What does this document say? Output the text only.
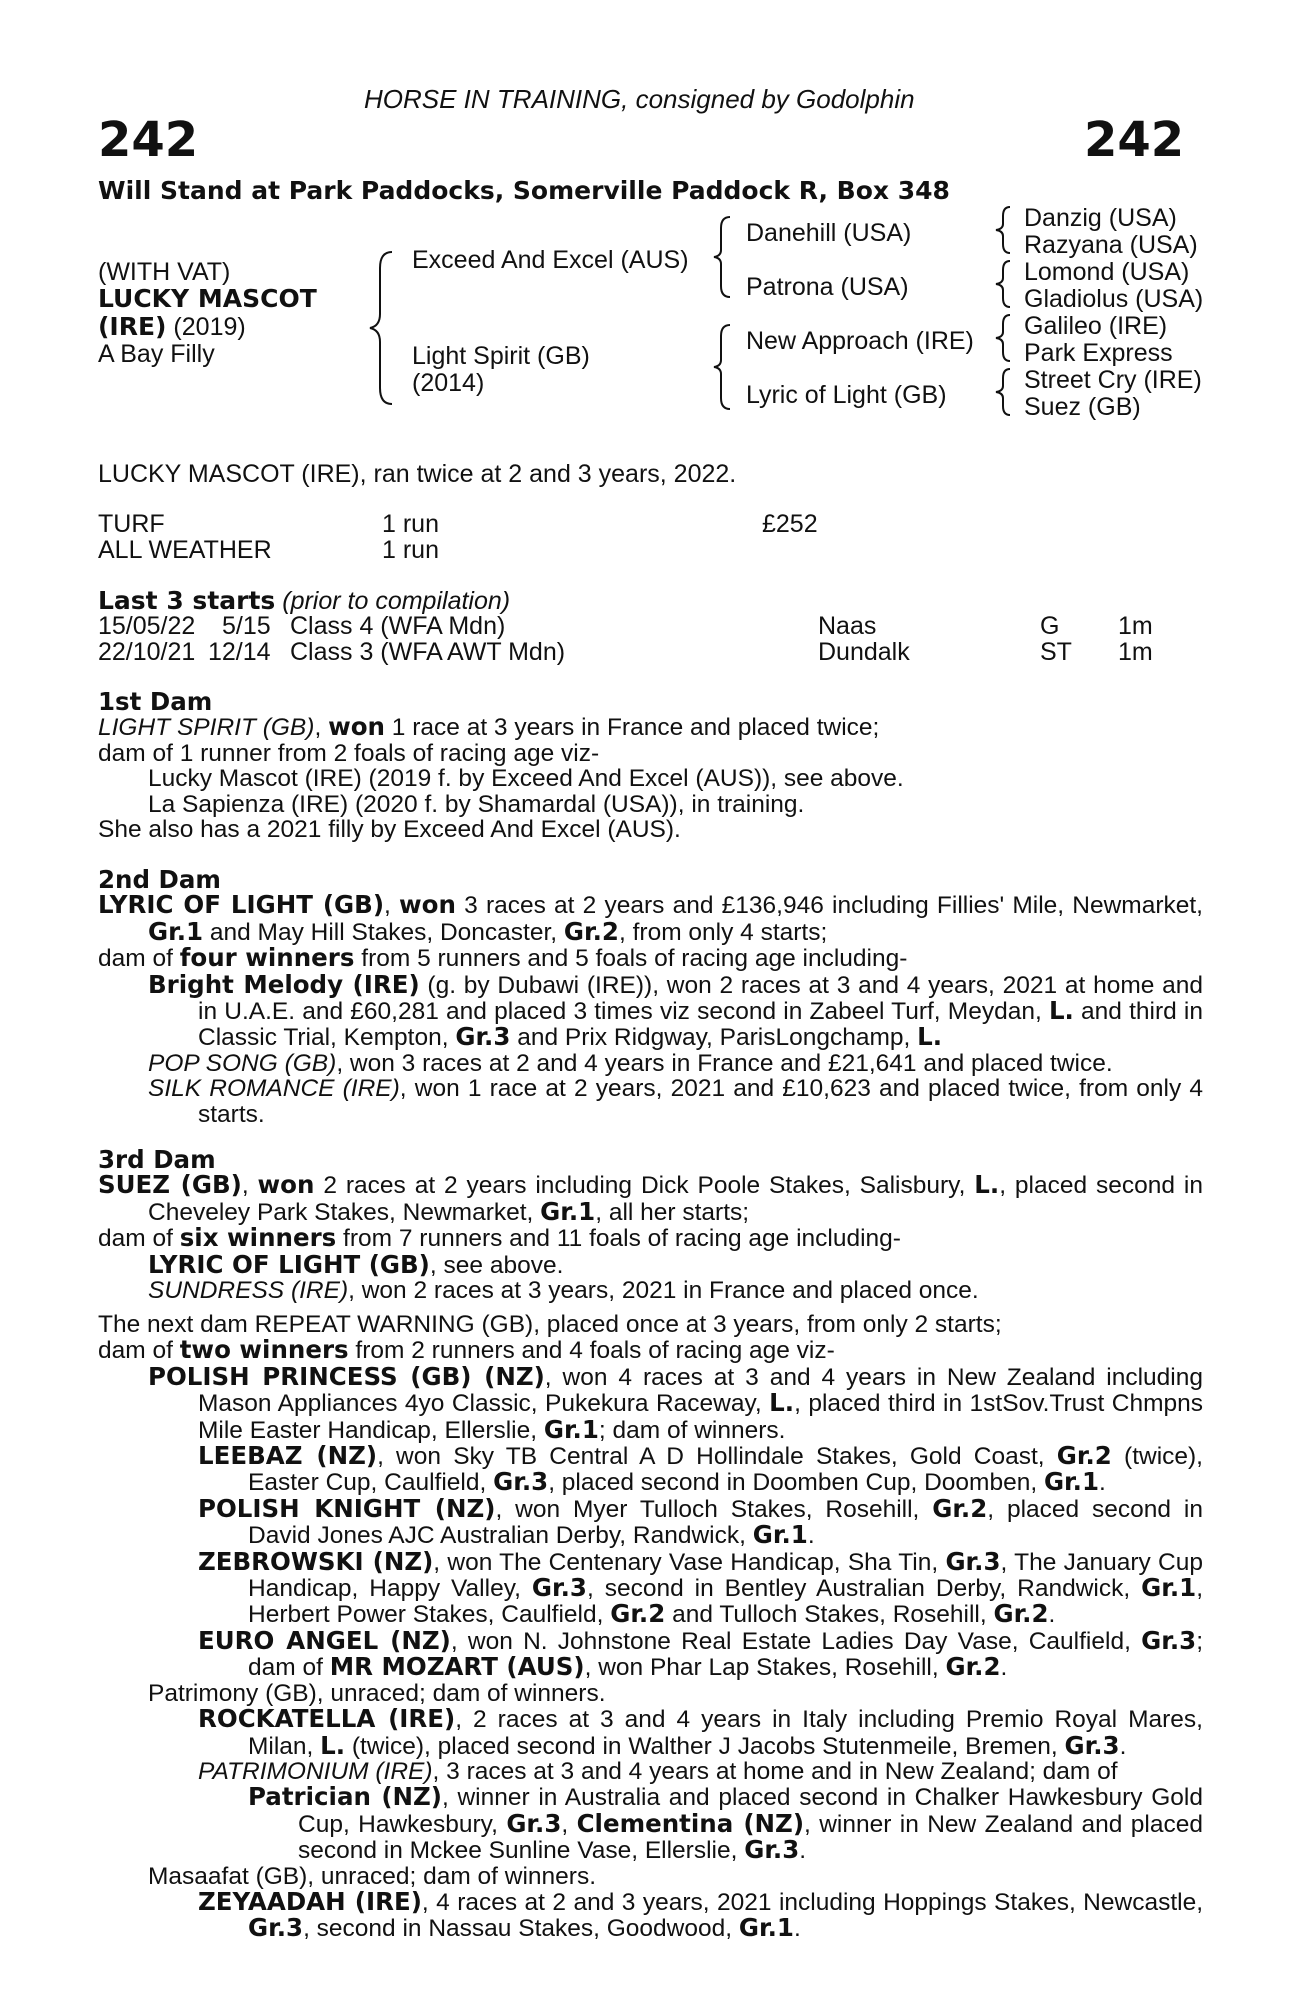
HORSE IN TRAINING, consigned by Godolphin
242	242
Will Stand at Park Paddocks, Somerville Paddock R, Box 348
(WITH VAT)
LUCKY MASCOT
(IRE) (2019)
A Bay Filly
Exceed And Excel (AUS)
Light Spirit (GB)
(2014)
Danehill (USA)
Patrona (USA)
New Approach (IRE)
Lyric of Light (GB)
Danzig (USA)
Razyana (USA)
Lomond (USA)
Gladiolus (USA)
Galileo (IRE)
Park Express
Street Cry (IRE)
Suez (GB)
LUCKY MASCOT (IRE), ran twice at 2 and 3 years, 2022.
TURF	1 run	£252
ALL WEATHER	1 run
Last 3 starts (prior to compilation)
15/05/22 5/15 Class 4 (WFA Mdn)	Naas	G 1m
22/10/21 12/14 Class 3 (WFA AWT Mdn)	Dundalk	ST 1m

1st Dam

LIGHT SPIRIT (GB), won 1 race at 3 years in France and placed twice;

dam of 1 runner from 2 foals of racing age viz-

Lucky Mascot (IRE) (2019 f. by Exceed And Excel (AUS)), see above.

La Sapienza (IRE) (2020 f. by Shamardal (USA)), in training.

She also has a 2021 filly by Exceed And Excel (AUS).

2nd Dam

LYRIC OF LIGHT (GB), won 3 races at 2 years and £136,946 including Fillies' Mile, Newmarket, Gr.1 and May Hill Stakes, Doncaster, Gr.2, from only 4 starts;

dam of four winners from 5 runners and 5 foals of racing age including-

Bright Melody (IRE) (g. by Dubawi (IRE)), won 2 races at 3 and 4 years, 2021 at home and in U.A.E. and £60,281 and placed 3 times viz second in Zabeel Turf, Meydan, L. and third in Classic Trial, Kempton, Gr.3 and Prix Ridgway, ParisLongchamp, L.

POP SONG (GB), won 3 races at 2 and 4 years in France and £21,641 and placed twice.

SILK ROMANCE (IRE), won 1 race at 2 years, 2021 and £10,623 and placed twice, from only 4 starts.

3rd Dam

SUEZ (GB), won 2 races at 2 years including Dick Poole Stakes, Salisbury, L., placed second in Cheveley Park Stakes, Newmarket, Gr.1, all her starts;

dam of six winners from 7 runners and 11 foals of racing age including-

LYRIC OF LIGHT (GB), see above.

SUNDRESS (IRE), won 2 races at 3 years, 2021 in France and placed once.

The next dam REPEAT WARNING (GB), placed once at 3 years, from only 2 starts;

dam of two winners from 2 runners and 4 foals of racing age viz-

POLISH PRINCESS (GB) (NZ), won 4 races at 3 and 4 years in New Zealand including Mason Appliances 4yo Classic, Pukekura Raceway, L., placed third in 1stSov.Trust Chmpns Mile Easter Handicap, Ellerslie, Gr.1; dam of winners.

LEEBAZ (NZ), won Sky TB Central A D Hollindale Stakes, Gold Coast, Gr.2 (twice), Easter Cup, Caulfield, Gr.3, placed second in Doomben Cup, Doomben, Gr.1.

POLISH KNIGHT (NZ), won Myer Tulloch Stakes, Rosehill, Gr.2, placed second in David Jones AJC Australian Derby, Randwick, Gr.1.

ZEBROWSKI (NZ), won The Centenary Vase Handicap, Sha Tin, Gr.3, The January Cup Handicap, Happy Valley, Gr.3, second in Bentley Australian Derby, Randwick, Gr.1, Herbert Power Stakes, Caulfield, Gr.2 and Tulloch Stakes, Rosehill, Gr.2.

EURO ANGEL (NZ), won N. Johnstone Real Estate Ladies Day Vase, Caulfield, Gr.3; dam of MR MOZART (AUS), won Phar Lap Stakes, Rosehill, Gr.2.

Patrimony (GB), unraced; dam of winners.

ROCKATELLA (IRE), 2 races at 3 and 4 years in Italy including Premio Royal Mares, Milan, L. (twice), placed second in Walther J Jacobs Stutenmeile, Bremen, Gr.3.

PATRIMONIUM (IRE), 3 races at 3 and 4 years at home and in New Zealand; dam of

Patrician (NZ), winner in Australia and placed second in Chalker Hawkesbury Gold Cup, Hawkesbury, Gr.3, Clementina (NZ), winner in New Zealand and placed second in Mckee Sunline Vase, Ellerslie, Gr.3.

Masaafat (GB), unraced; dam of winners.

ZEYAADAH (IRE), 4 races at 2 and 3 years, 2021 including Hoppings Stakes, Newcastle, Gr.3, second in Nassau Stakes, Goodwood, Gr.1.
